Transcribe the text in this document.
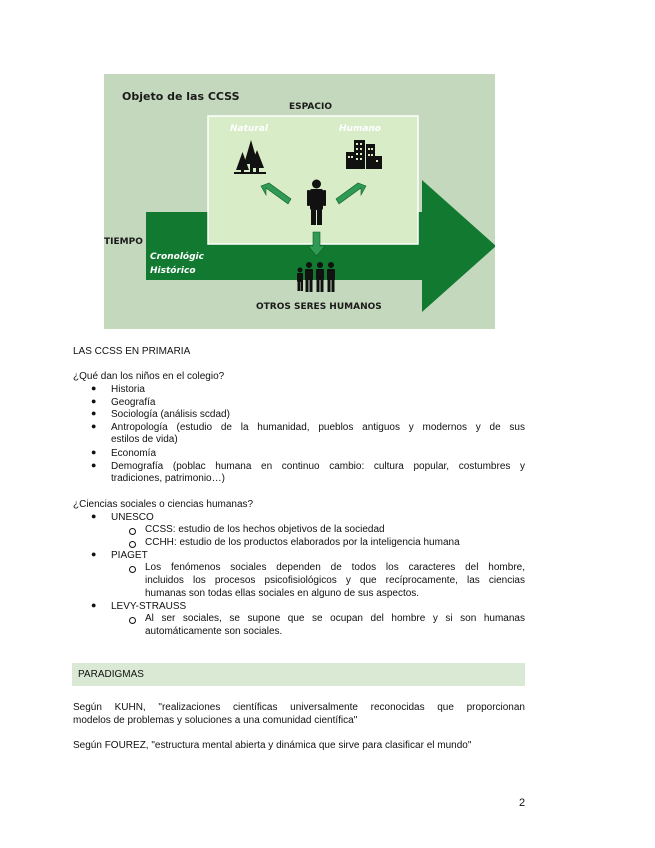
Objeto de las CCSS
ESPACIO
Natural	Humano
TIEMPO
Cronológic
Histórico
OTROS SERES HUMANOS
LAS CCSS EN PRIMARIA
¿Qué dan los niños en el colegio?
● Historia
● Geografía
● Sociología (análisis scdad)
● Antropología (estudio de la humanidad, pueblos antiguos y modernos y de sus
estilos de vida)
● Economía
● Demografía (poblac humana en continuo cambio: cultura popular, costumbres y
tradiciones, patrimonio…)
¿Ciencias sociales o ciencias humanas?
● UNESCO
CCSS: estudio de los hechos objetivos de la sociedad
CCHH: estudio de los productos elaborados por la inteligencia humana
● PIAGET
Los fenómenos sociales dependen de todos los caracteres del hombre,
incluidos los procesos psicofisiológicos y que recíprocamente, las ciencias
humanas son todas ellas sociales en alguno de sus aspectos.
● LEVY-STRAUSS
Al ser sociales, se supone que se ocupan del hombre y si son humanas
automáticamente son sociales.
PARADIGMAS
Según KUHN, "realizaciones científicas universalmente reconocidas que proporcionan
modelos de problemas y soluciones a una comunidad científica"
Según FOUREZ, "estructura mental abierta y dinámica que sirve para clasificar el mundo"
2
